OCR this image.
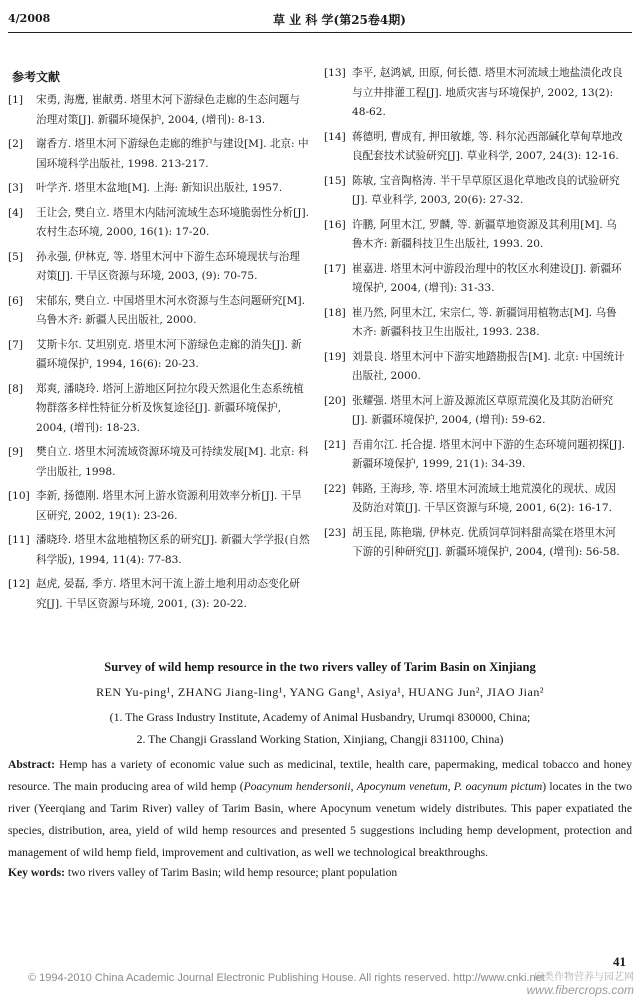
4/2008	草 业 科 学(第25卷4期)
参考文献
[1] 宋勇, 海鹰, 崔献勇. 塔里木河下游绿色走廊的生态问题与治理对策[J]. 新疆环境保护, 2004, (增刊): 8-13.
[2] 谢香方. 塔里木河下游绿色走廊的维护与建设[M]. 北京: 中国环境科学出版社, 1998. 213-217.
[3] 叶学齐. 塔里木盆地[M]. 上海: 新知识出版社, 1957.
[4] 王让会, 樊自立. 塔里木内陆河流域生态环境脆弱性分析[J]. 农村生态环境, 2000, 16(1): 17-20.
[5] 孙永强, 伊林克, 等. 塔里木河中下游生态环境现状与治理对策[J]. 干旱区资源与环境, 2003, (9): 70-75.
[6] 宋郁东, 樊自立. 中国塔里木河水资源与生态问题研究[M]. 乌鲁木齐: 新疆人民出版社, 2000.
[7] 艾斯卡尔. 艾坦别克. 塔里木河下游绿色走廊的消失[J]. 新疆环境保护, 1994, 16(6): 20-23.
[8] 郑爽, 潘晓玲. 塔河上游地区阿拉尔段天然退化生态系统植物群落多样性特征分析及恢复途径[J]. 新疆环境保护, 2004, (增刊): 18-23.
[9] 樊自立. 塔里木河流域资源环境及可持续发展[M]. 北京: 科学出版社, 1998.
[10] 李新, 扬德刚. 塔里木河上游水资源利用效率分析[J]. 干旱区研究, 2002, 19(1): 23-26.
[11] 潘晓玲. 塔里木盆地植物区系的研究[J]. 新疆大学学报(自然科学版), 1994, 11(4): 77-83.
[12] 赵虎, 晏磊, 季方. 塔里木河干流上游土地利用动态变化研究[J]. 干旱区资源与环境, 2001, (3): 20-22.
[13] 李平, 赵鸿斌, 田原, 何长德. 塔里木河流域土地盐渍化改良与立井排灌工程[J]. 地质灾害与环境保护, 2002, 13(2): 48-62.
[14] 蒋德明, 曹成有, 押田敏雄, 等. 科尔沁西部碱化草甸草地改良配套技术试验研究[J]. 草业科学, 2007, 24(3): 12-16.
[15] 陈敏, 宝音陶格涛. 半干旱草原区退化草地改良的试验研究[J]. 草业科学, 2003, 20(6): 27-32.
[16] 许鹏, 阿里木江, 罗麟, 等. 新疆草地资源及其利用[M]. 乌鲁木齐: 新疆科技卫生出版社, 1993. 20.
[17] 崔嘉进. 塔里木河中游段治理中的牧区水利建设[J]. 新疆环境保护, 2004, (增刊): 31-33.
[18] 崔乃然, 阿里木江, 宋宗仁, 等. 新疆饲用植物志[M]. 乌鲁木齐: 新疆科技卫生出版社, 1993. 238.
[19] 刘景良. 塔里木河中下游实地踏勘报告[M]. 北京: 中国统计出版社, 2000.
[20] 张耀强. 塔里木河上游及源流区草原荒漠化及其防治研究[J]. 新疆环境保护, 2004, (增刊): 59-62.
[21] 吾甫尔江. 托合提. 塔里木河中下游的生态环境问题初探[J]. 新疆环境保护, 1999, 21(1): 34-39.
[22] 韩路, 王海珍, 等. 塔里木河流域土地荒漠化的现状、成因及防治对策[J]. 干旱区资源与环境, 2001, 6(2): 16-17.
[23] 胡玉昆, 陈艳瑞, 伊林克. 优质饲草饲料甜高粱在塔里木河下游的引种研究[J]. 新疆环境保护, 2004, (增刊): 56-58.
Survey of wild hemp resource in the two rivers valley of Tarim Basin on Xinjiang
REN Yu-ping¹, ZHANG Jiang-ling¹, YANG Gang¹, Asiya¹, HUANG Jun², JIAO Jian²
(1. The Grass Industry Institute, Academy of Animal Husbandry, Urumqi 830000, China;
2. The Changji Grassland Working Station, Xinjiang, Changji 831100, China)
Abstract: Hemp has a variety of economic value such as medicinal, textile, health care, papermaking, medical tobacco and honey resource. The main producing area of wild hemp (Poacynum hendersonii, Apocynum venetum, P. oacynum pictum) locates in the two river (Yeerqiang and Tarim River) valley of Tarim Basin, where Apocynum venetum widely distributes. This paper expatiated the species, distribution, area, yield of wild hemp resources and presented 5 suggestions including hemp development, protection and management of wild hemp field, improvement and cultivation, as well we technological breakthroughs.
Key words: two rivers valley of Tarim Basin; wild hemp resource; plant population
41
© 1994-2010 China Academic Journal Electronic Publishing House. All rights reserved. http://www.cnki.net
麻类作物营养与园艺网
www.fibercrops.com
